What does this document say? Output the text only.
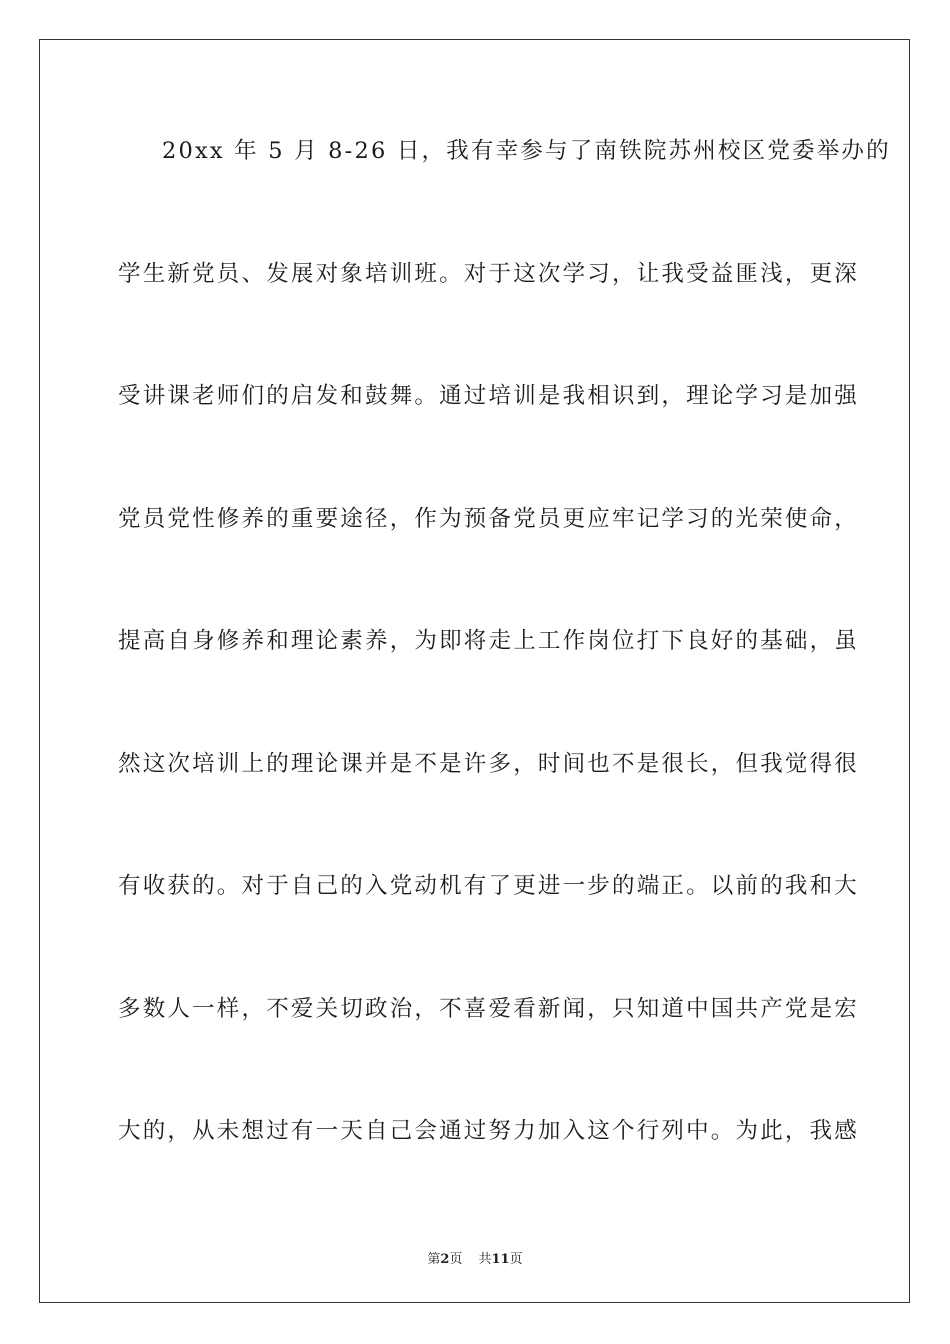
20xx 年 5 月 8-26 日，我有幸参与了南铁院苏州校区党委举办的
学生新党员、发展对象培训班。对于这次学习，让我受益匪浅，更深
受讲课老师们的启发和鼓舞。通过培训是我相识到，理论学习是加强
党员党性修养的重要途径，作为预备党员更应牢记学习的光荣使命，
提高自身修养和理论素养，为即将走上工作岗位打下良好的基础，虽
然这次培训上的理论课并是不是许多，时间也不是很长，但我觉得很
有收获的。对于自己的入党动机有了更进一步的端正。以前的我和大
多数人一样，不爱关切政治，不喜爱看新闻，只知道中国共产党是宏
大的，从未想过有一天自己会通过努力加入这个行列中。为此，我感
第2页 共11页
